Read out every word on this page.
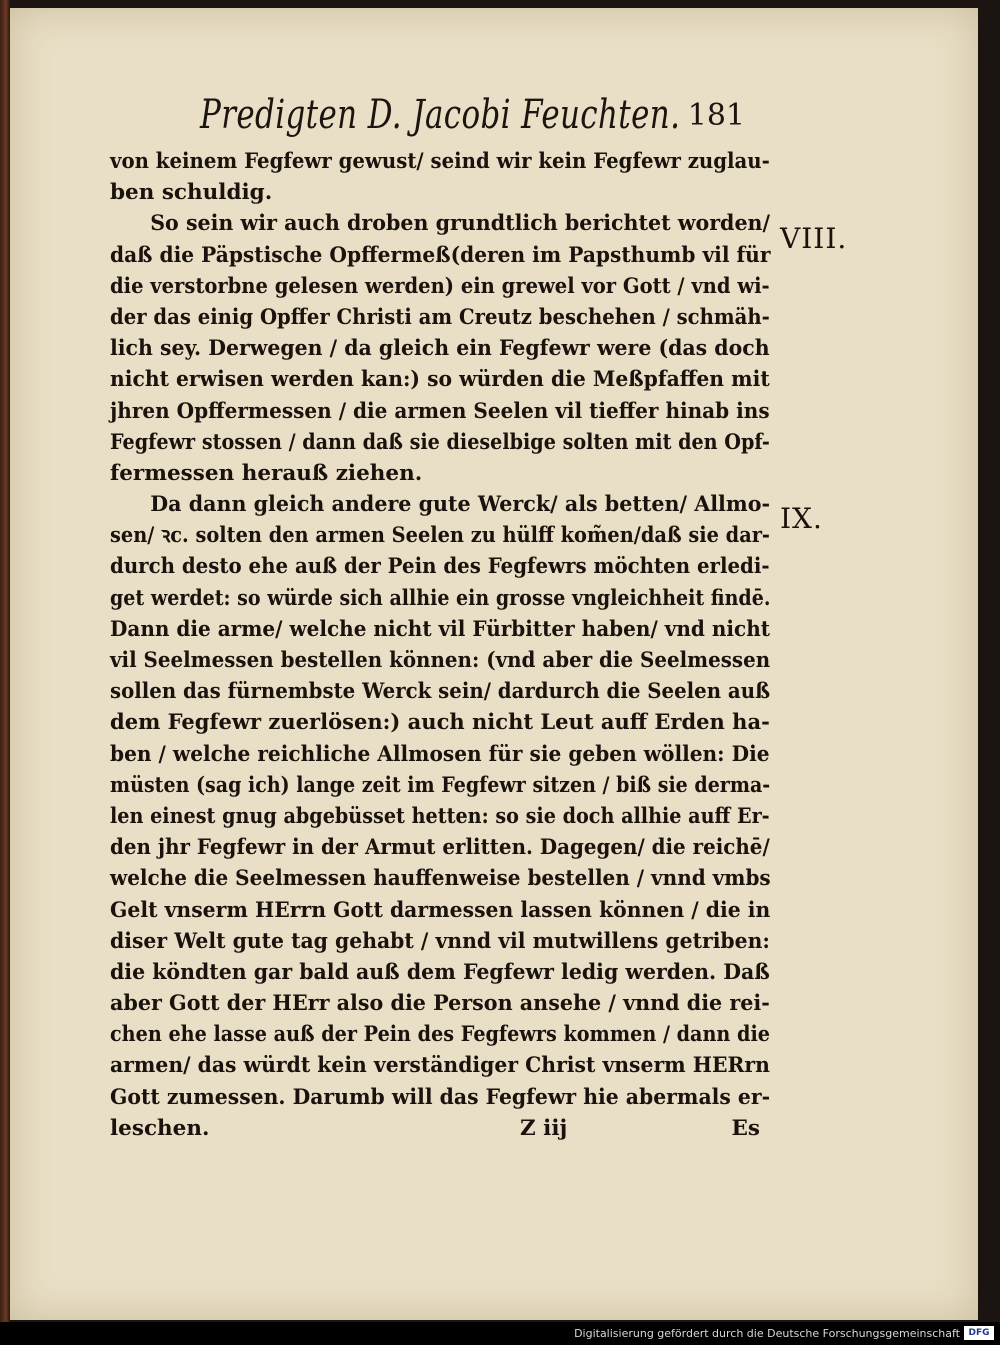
Predigten D. Jacobi Feuchten. 181
VIII.
IX.
von keinem Fegfewr gewust/ seind wir kein Fegfewr zuglau-
ben schuldig.
So sein wir auch droben grundtlich berichtet worden/
daß die Päpstische Opffermeß(deren im Papsthumb vil für
die verstorbne gelesen werden) ein grewel vor Gott / vnd wi-
der das einig Opffer Christi am Creutz beschehen / schmäh-
lich sey. Derwegen / da gleich ein Fegfewr were (das doch
nicht erwisen werden kan:) so würden die Meßpfaffen mit
jhren Opffermessen / die armen Seelen vil tieffer hinab ins
Fegfewr stossen / dann daß sie dieselbige solten mit den Opf-
fermessen herauß ziehen.
Da dann gleich andere gute Werck/ als betten/ Allmo-
sen/ ꝛc. solten den armen Seelen zu hülff kom̃en/daß sie dar-
durch desto ehe auß der Pein des Fegfewrs möchten erledi-
get werdet: so würde sich allhie ein grosse vngleichheit findē.
Dann die arme/ welche nicht vil Fürbitter haben/ vnd nicht
vil Seelmessen bestellen können: (vnd aber die Seelmessen
sollen das fürnembste Werck sein/ dardurch die Seelen auß
dem Fegfewr zuerlösen:) auch nicht Leut auff Erden ha-
ben / welche reichliche Allmosen für sie geben wöllen: Die
müsten (sag ich) lange zeit im Fegfewr sitzen / biß sie derma-
len einest gnug abgebüsset hetten: so sie doch allhie auff Er-
den jhr Fegfewr in der Armut erlitten. Dagegen/ die reichē/
welche die Seelmessen hauffenweise bestellen / vnnd vmbs
Gelt vnserm HErrn Gott darmessen lassen können / die in
diser Welt gute tag gehabt / vnnd vil mutwillens getriben:
die köndten gar bald auß dem Fegfewr ledig werden. Daß
aber Gott der HErr also die Person ansehe / vnnd die rei-
chen ehe lasse auß der Pein des Fegfewrs kommen / dann die
armen/ das würdt kein verständiger Christ vnserm HERrn
Gott zumessen. Darumb will das Fegfewr hie abermals er-
leschen.	Z iij	Es
Digitalisierung gefördert durch die Deutsche Forschungsgemeinschaft DFG
